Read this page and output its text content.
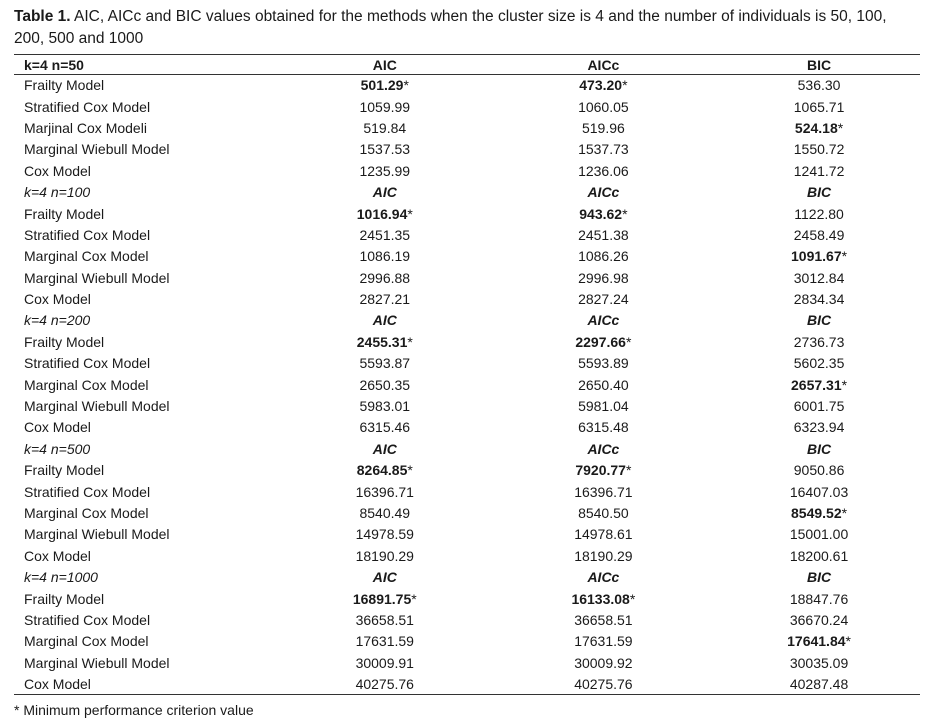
Table 1. AIC, AICc and BIC values obtained for the methods when the cluster size is 4 and the number of individuals is 50, 100, 200, 500 and 1000
k=4 n=50	AIC	AICc	BIC
Frailty Model	501.29*	473.20*	536.30
Stratified Cox Model	1059.99	1060.05	1065.71
Marjinal Cox Modeli	519.84	519.96	524.18*
Marginal Wiebull Model	1537.53	1537.73	1550.72
Cox Model	1235.99	1236.06	1241.72
k=4 n=100	AIC	AICc	BIC
Frailty Model	1016.94*	943.62*	1122.80
Stratified Cox Model	2451.35	2451.38	2458.49
Marginal Cox Model	1086.19	1086.26	1091.67*
Marginal Wiebull Model	2996.88	2996.98	3012.84
Cox Model	2827.21	2827.24	2834.34
k=4 n=200	AIC	AICc	BIC
Frailty Model	2455.31*	2297.66*	2736.73
Stratified Cox Model	5593.87	5593.89	5602.35
Marginal Cox Model	2650.35	2650.40	2657.31*
Marginal Wiebull Model	5983.01	5981.04	6001.75
Cox Model	6315.46	6315.48	6323.94
k=4 n=500	AIC	AICc	BIC
Frailty Model	8264.85*	7920.77*	9050.86
Stratified Cox Model	16396.71	16396.71	16407.03
Marginal Cox Model	8540.49	8540.50	8549.52*
Marginal Wiebull Model	14978.59	14978.61	15001.00
Cox Model	18190.29	18190.29	18200.61
k=4 n=1000	AIC	AICc	BIC
Frailty Model	16891.75*	16133.08*	18847.76
Stratified Cox Model	36658.51	36658.51	36670.24
Marginal Cox Model	17631.59	17631.59	17641.84*
Marginal Wiebull Model	30009.91	30009.92	30035.09
Cox Model	40275.76	40275.76	40287.48
* Minimum performance criterion value
